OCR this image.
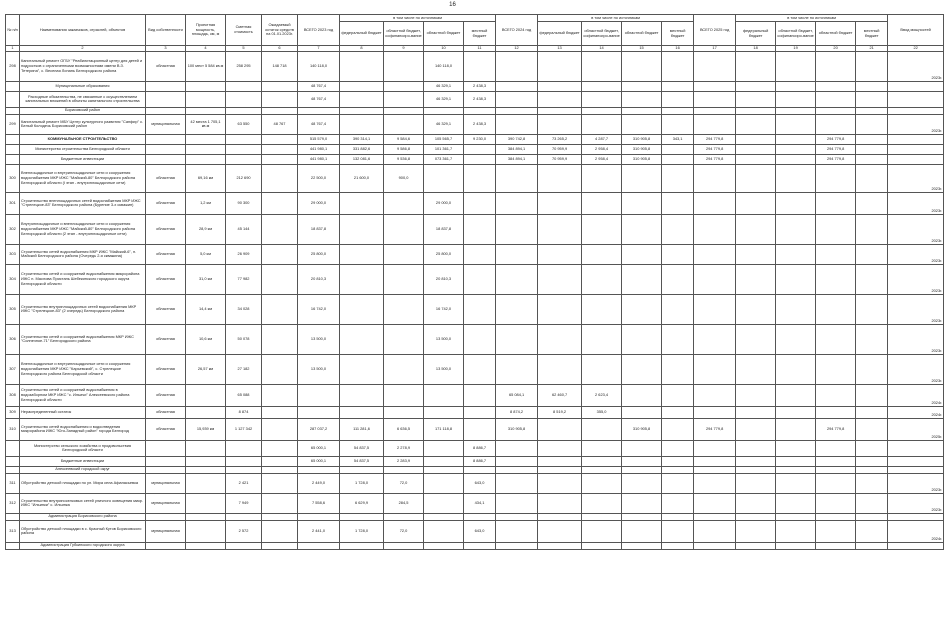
16
№ п/п	Наименования заказчиков, отраслей, объектов	Вид собственности	Проектная мощность, площадь, км, м	Сметная стоимость	Ожидаемый остаток средств на 01.01.2023г.	ВСЕГО 2023 год	в том числе по источникам				ВСЕГО 2024 год	в том числе по источникам				ВСЕГО 2025 год	в том числе по источникам				Ввод мощностей
							федеральный бюджет	областной бюджет, софинансиро-вание	областной бюджет	местный бюджет		федеральный бюджет	областной бюджет, софинансиро-вание	областной бюджет	местный бюджет		федеральный бюджет	областной бюджет, софинансиро-вание	областной бюджет	местный бюджет	
1	2	3	4	5	6	7	8	9	10	11	12	13	14	15	16	17	18	19	20	21	22
298	Капитальный ремонт ОГБУ "Реабилитационный центр для детей и подростков с ограниченными возможностями имени В.З. Тетерина", с. Веселая Лопань Белгородского района	областная	100 мест 5 584 кв.м	258 295	148 718	140 118,0			140 118,0												2023г.
	Муниципальные образования					48 767,4			46 329,1	2 438,3											
	Расходные обязательства, не связанные с осуществлением капитальных вложений в объекты капитального строительства					48 767,4			46 329,1	2 438,3											
	Борисовский район																				
299	Капитальный ремонт МБУ Центр культурного развития "Сапфир" с. Белый Колодезь Борисовский район	муниципальная	42 места 1 705,1 кв.м	63 550	48 767	48 767,4			46 329,1	2 438,3											2023г.
	КОММУНАЛЬНОЕ СТРОИТЕЛЬСТВО					515 579,0	390 314,1	9 584,6	105 565,7	9 230,0	390 742,8	73 265,2	4 287,7	310 905,8	343,1	294 779,8			294 779,8		
	Министерство строительства Белгородской области					441 980,1	331 882,6	9 586,8	101 361,7		384 894,1	70 959,9	2 958,4	310 905,8		294 779,8			294 779,8		
	Бюджетные инвестиции					441 980,1	132 081,6	9 536,8	073 361,7		384 894,1	70 959,9	2 958,4	310 905,8		294 779,8			294 779,8		
300	Внеплощадочные и внутриплощадочные сети и сооружения водоснабжения МКР ИЖС "Майский-80" Белгородского района Белгородской области (I этап - внутриплощадочные сети)	областная	69,16 км	212 690		22 500,0	21 600,0	900,0													2023г.
301	Строительство внеплощадочных сетей водоснабжения МКР ИЖС "Стрелецкое-83" Белгородского района (Бурение 3-х скважин)	областная	1,2 км	90 300		29 000,0			29 000,0												2023г.
302	Внутриплощадочные и внеплощадочные сети и сооружения водоснабжения МКР ИЖС "Майский-80" Белгородского района Белгородской области (2 этап - внутриплощадочные сети)	областная	28,9 км	45 144		18 837,8			18 837,8												2023г.
303	Строительство сетей водоснабжения МКР ИЖС "Майский-6", п. Майский Белгородского района (Очередь 2-я скважина)	областная	5,0 км	26 909		25 800,0			25 800,0												2023г.
304	Строительство сетей и сооружений водоснабжения микрорайона ИЖС п. Маслова Пристань Шебекинского городского округа Белгородской области	областная	31,0 км	77 982		20 810,3			20 810,3												2023г.
305	Строительство внутриплощадочных сетей водоснабжения МКР ИЖС "Стрелецкое-83" (2 очередь) Белгородского района	областная	14,4 км	34 028		16 742,0			16 742,0												2023г.
306	Строительство сетей и сооружений водоснабжения МКР ИЖС "Солнечное-71" Белгородского района	областная	10,6 км	50 078		13 500,0			13 500,0												2023г.
307	Внеплощадочные и внутриплощадочные сети и сооружения водоснабжения МКР ИЖС "Карьевский", с. Стрелецкое Белгородского района Белгородской области	областная	26,57 км	27 182		13 500,0			13 500,0												2023г.
308	Строительство сетей и сооружений водоснабжения в водозаборном МКР ИЖС "с. Ильичи" Алексеевского района Белгородской области	областная		65 088							65 084,1	62 460,7	2 623,4								2024г.
309	Нераспределенный остаток	областная		8 874							8 874,2	8 519,2	355,0								2024г.
310	Строительство сетей водоснабжения и водоотведения микрорайона ИЖС "Юго-Западный район" города Белгород	областная	15,939 км	1 127 342		287 037,2	111 281,6	6 636,5	171 118,8		310 905,8			310 905,8		294 779,8			294 779,8		2025г.
	Министерство сельского хозяйства и продовольствия Белгородской области					65 000,1	54 837,5	2 278,9		8 886,7											
	Бюджетные инвестиции					65 000,1	54 837,5	2 283,9		8 886,7											
	Алексеевский городской округ																				
311	Обустройство детской площадки по ул. Мира села Афанасьевка	муниципальная		2 421		2 449,0	1 728,0	72,0		643,0											2023г.
312	Строительство внутрипоселковых сетей уличного освещения микр. ИЖС "Ильинки" с. Ильинка	муниципальная		7 949		7 558,6	6 629,9	284,5		434,1											2023г.
	Администрация Борисовского района																				
313	Обустройство детской площадки в с. Красный Кутов Борисовского района	муниципальная		2 572		2 441,0	1 728,0	72,0		643,0											2024г.
	Администрация Губкинского городского округа																				
